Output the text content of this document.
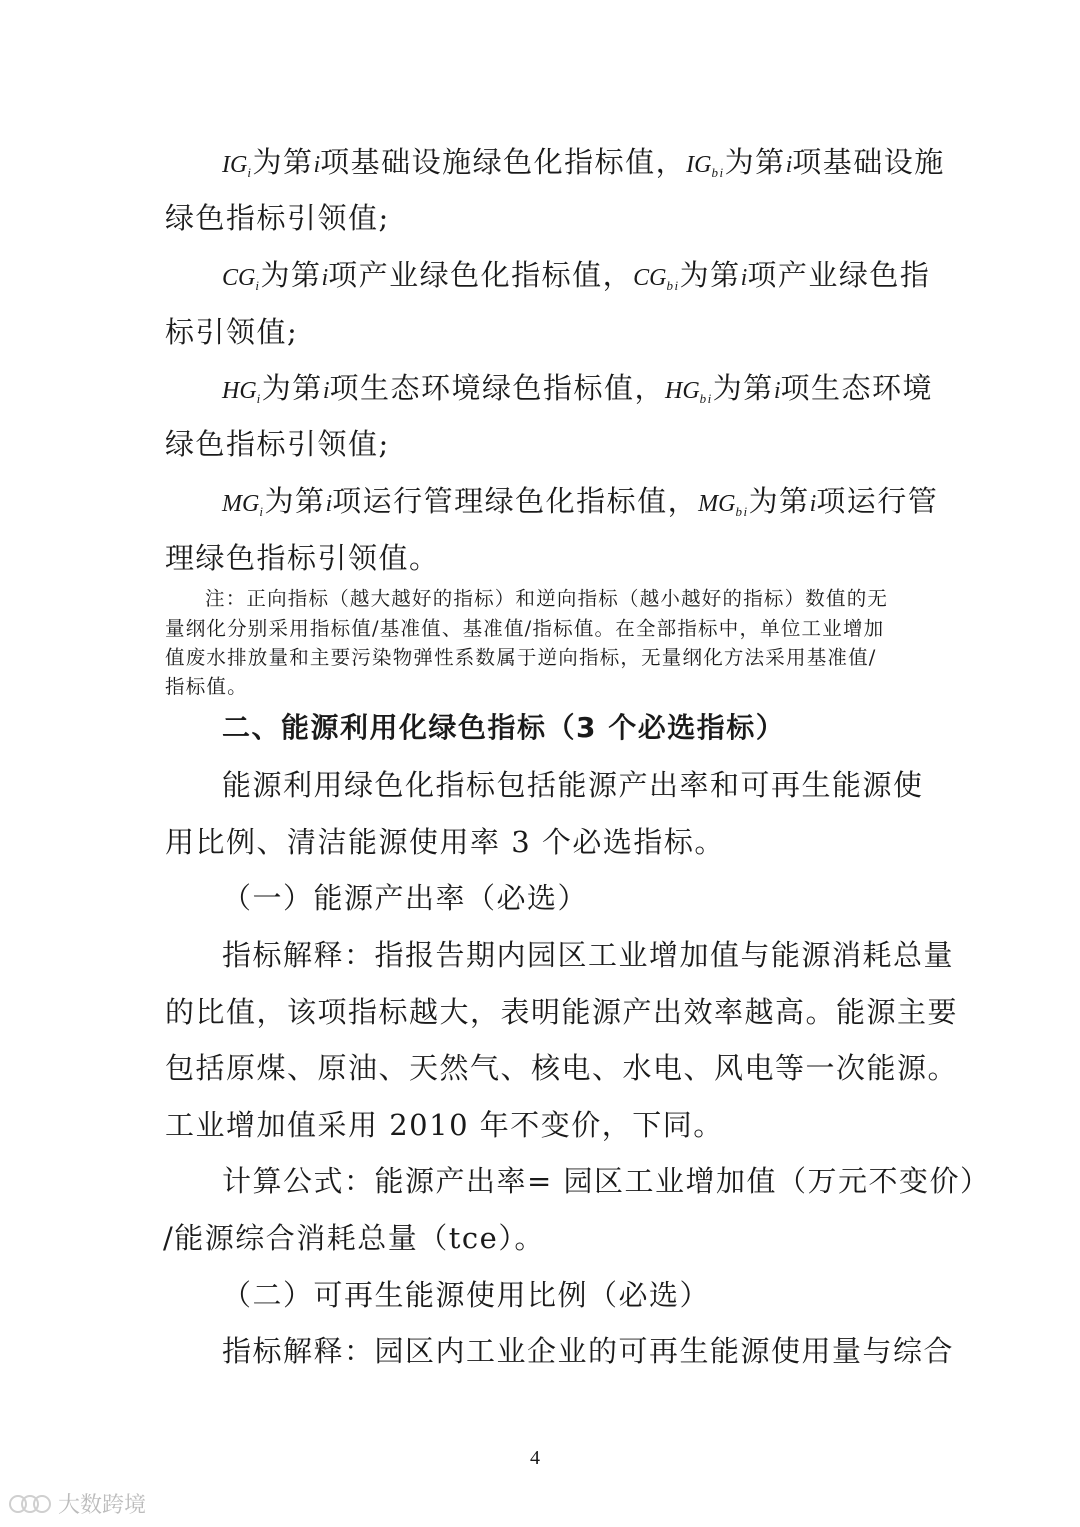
$IG_i$为第i项基础设施绿色化指标值，$IG_{bi}$为第i项基础设施
绿色指标引领值;
$CG_i$为第i项产业绿色化指标值，$CG_{bi}$为第i项产业绿色指
标引领值;
$HG_i$为第i项生态环境绿色指标值，$HG_{bi}$为第i项生态环境
绿色指标引领值;
$MG_i$为第i项运行管理绿色化指标值，$MG_{bi}$为第i项运行管
理绿色指标引领值。
注：正向指标（越大越好的指标）和逆向指标（越小越好的指标）数值的无
量纲化分别采用指标值/基准值、基准值/指标值。在全部指标中，单位工业增加
值废水排放量和主要污染物弹性系数属于逆向指标，无量纲化方法采用基准值/
指标值。
二、能源利用化绿色指标（3 个必选指标）
能源利用绿色化指标包括能源产出率和可再生能源使
用比例、清洁能源使用率 3 个必选指标。
（一）能源产出率（必选）
指标解释：指报告期内园区工业增加值与能源消耗总量
的比值，该项指标越大，表明能源产出效率越高。能源主要
包括原煤、原油、天然气、核电、水电、风电等一次能源。
工业增加值采用 2010 年不变价，下同。
计算公式：能源产出率= 园区工业增加值（万元不变价）
/能源综合消耗总量（tce）。
（二）可再生能源使用比例（必选）
指标解释：园区内工业企业的可再生能源使用量与综合
4
大数跨境
